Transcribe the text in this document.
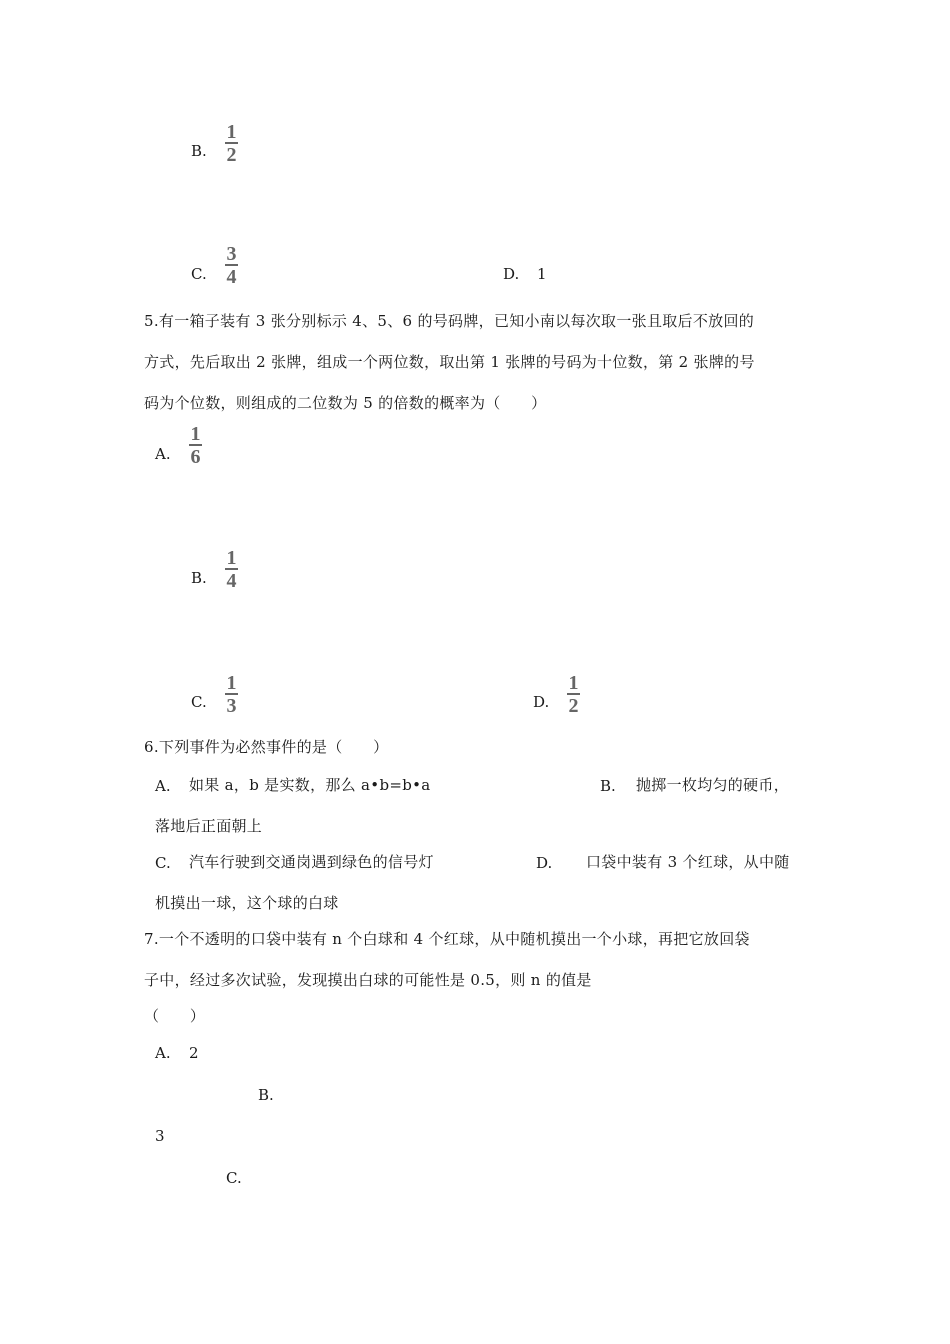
B.
1
2
C.
3
4	D. 1
5.有一箱子装有 3 张分别标示 4、5、6 的号码牌，已知小南以每次取一张且取后不放回的
方式，先后取出 2 张牌，组成一个两位数，取出第 1 张牌的号码为十位数，第 2 张牌的号
码为个位数，则组成的二位数为 5 的倍数的概率为（　　）
A.
1
6
B.
1
4
C.
1
3	D.
1
2
6.下列事件为必然事件的是（　　）
A. 如果 a，b 是实数，那么 a•b=b•a	B. 抛掷一枚均匀的硬币，
落地后正面朝上
C. 汽车行驶到交通岗遇到绿色的信号灯	D. 口袋中装有 3 个红球，从中随
机摸出一球，这个球的白球
7.一个不透明的口袋中装有 n 个白球和 4 个红球，从中随机摸出一个小球，再把它放回袋
子中，经过多次试验，发现摸出白球的可能性是 0.5，则 n 的值是
（　　）
A. 2
B.
3
C.
